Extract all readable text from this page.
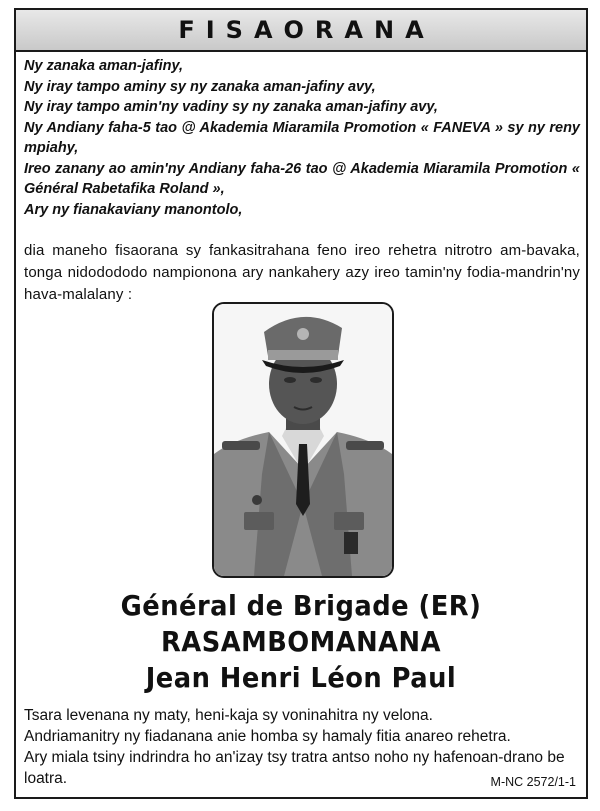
FISAORANA

Ny zanaka aman-jafiny,

Ny iray tampo aminy sy ny zanaka aman-jafiny avy,

Ny iray tampo amin'ny vadiny sy ny zanaka aman-jafiny avy,

Ny Andiany faha-5 tao @ Akademia Miaramila Promotion « FANEVA » sy ny reny mpiahy,

Ireo zanany ao amin'ny Andiany faha-26 tao @ Akademia Miaramila Promotion « Général Rabetafika Roland »,

Ary ny fianakaviany manontolo,

dia maneho fisaorana sy fankasitrahana feno ireo rehetra nitrotro am-bavaka, tonga nidodododo nampionona ary nankahery azy ireo tamin'ny fodia-mandrin'ny hava-malalany :

Général de Brigade (ER)

RASAMBOMANANA

Jean Henri Léon Paul

Tsara levenana ny maty, heni-kaja sy voninahitra ny velona.

Andriamanitry ny fiadanana anie homba sy hamaly fitia anareo rehetra.

Ary miala tsiny indrindra ho an'izay tsy tratra antso noho ny hafenoan-drano be loatra.	M-NC 2572/1-1
